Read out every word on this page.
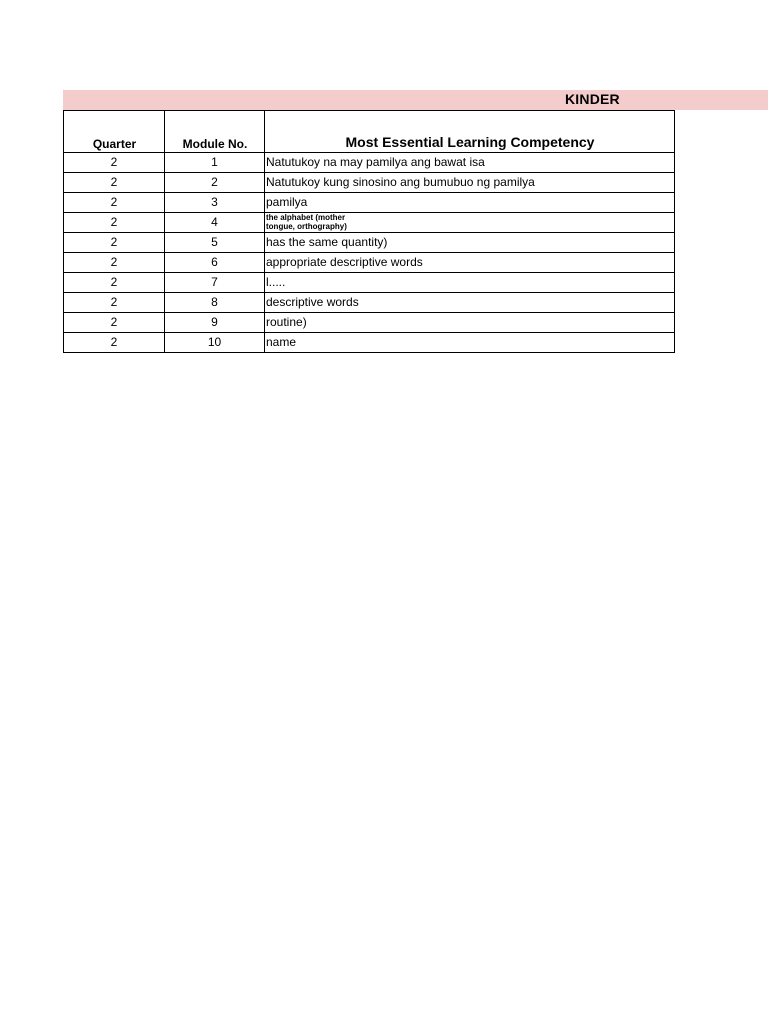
KINDER
Quarter	Module No.	Most Essential Learning Competency
2	1	Natutukoy na may pamilya ang bawat isa
2	2	Natutukoy kung sinosino ang bumubuo ng pamilya
2	3	pamilya
2	4	the alphabet (mother
tongue, orthography)

2	5	has the same quantity)
2	6	appropriate descriptive words
2	7	l.....
2	8	descriptive words
2	9	routine)
2	10	name
